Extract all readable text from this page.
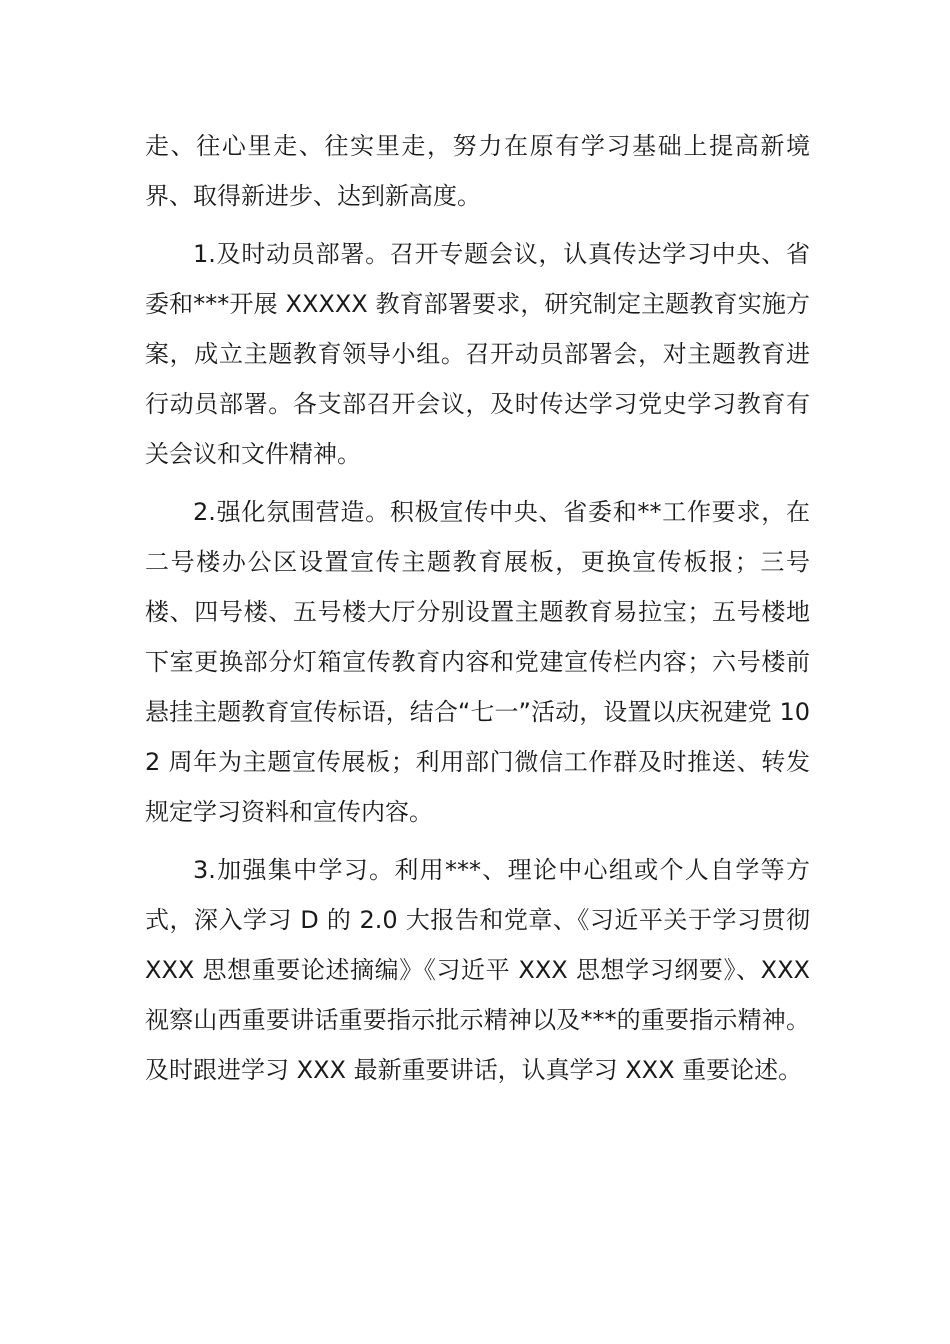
走、往心里走、往实里走，努力在原有学习基础上提高新境界、取得新进步、达到新高度。

1.及时动员部署。召开专题会议，认真传达学习中央、省委和***开展 XXXXX 教育部署要求，研究制定主题教育实施方案，成立主题教育领导小组。召开动员部署会，对主题教育进行动员部署。各支部召开会议，及时传达学习党史学习教育有关会议和文件精神。

2.强化氛围营造。积极宣传中央、省委和**工作要求，在二号楼办公区设置宣传主题教育展板，更换宣传板报；三号楼、四号楼、五号楼大厅分别设置主题教育易拉宝；五号楼地下室更换部分灯箱宣传教育内容和党建宣传栏内容；六号楼前悬挂主题教育宣传标语，结合“七一”活动，设置以庆祝建党 102 周年为主题宣传展板；利用部门微信工作群及时推送、转发规定学习资料和宣传内容。

3.加强集中学习。利用***、理论中心组或个人自学等方式，深入学习 D 的 2.0 大报告和党章、《习近平关于学习贯彻 XXX 思想重要论述摘编》《习近平 XXX 思想学习纲要》、XXX 视察山西重要讲话重要指示批示精神以及***的重要指示精神。及时跟进学习 XXX 最新重要讲话，认真学习 XXX 重要论述。
